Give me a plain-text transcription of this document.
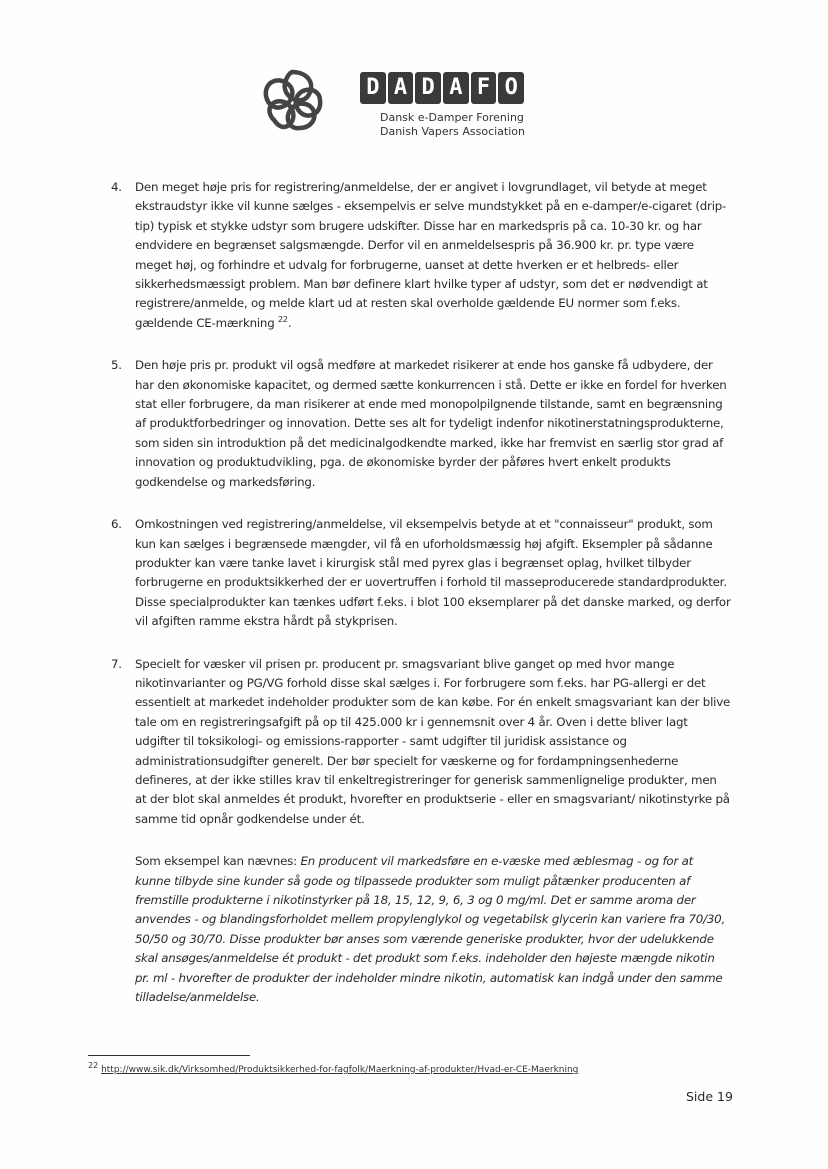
D A D A F O
Dansk e-Damper Forening
Danish Vapers Association
4. Den meget høje pris for registrering/anmeldelse, der er angivet i lovgrundlaget, vil betyde at meget ekstraudstyr ikke vil kunne sælges - eksempelvis er selve mundstykket på en e-damper/e-cigaret (drip-tip) typisk et stykke udstyr som brugere udskifter. Disse har en markedspris på ca. 10-30 kr. og har endvidere en begrænset salgsmængde. Derfor vil en anmeldelsespris på 36.900 kr. pr. type være meget høj, og forhindre et udvalg for forbrugerne, uanset at dette hverken er et helbreds- eller sikkerhedsmæssigt problem. Man bør definere klart hvilke typer af udstyr, som det er nødvendigt at registrere/anmelde, og melde klart ud at resten skal overholde gældende EU normer som f.eks. gældende CE-mærkning $^{22}$.
5. Den høje pris pr. produkt vil også medføre at markedet risikerer at ende hos ganske få udbydere, der har den økonomiske kapacitet, og dermed sætte konkurrencen i stå. Dette er ikke en fordel for hverken stat eller forbrugere, da man risikerer at ende med monopolpilgnende tilstande, samt en begrænsning af produktforbedringer og innovation. Dette ses alt for tydeligt indenfor nikotinerstatningsprodukterne, som siden sin introduktion på det medicinalgodkendte marked, ikke har fremvist en særlig stor grad af innovation og produktudvikling, pga. de økonomiske byrder der påføres hvert enkelt produkts godkendelse og markedsføring.
6. Omkostningen ved registrering/anmeldelse, vil eksempelvis betyde at et "connaisseur" produkt, som kun kan sælges i begrænsede mængder, vil få en uforholdsmæssig høj afgift. Eksempler på sådanne produkter kan være tanke lavet i kirurgisk stål med pyrex glas i begrænset oplag, hvilket tilbyder forbrugerne en produktsikkerhed der er uovertruffen i forhold til masseproducerede standardprodukter. Disse specialprodukter kan tænkes udført f.eks. i blot 100 eksemplarer på det danske marked, og derfor vil afgiften ramme ekstra hårdt på stykprisen.
7. Specielt for væsker vil prisen pr. producent pr. smagsvariant blive ganget op med hvor mange nikotinvarianter og PG/VG forhold disse skal sælges i. For forbrugere som f.eks. har PG-allergi er det essentielt at markedet indeholder produkter som de kan købe. For én enkelt smagsvariant kan der blive tale om en registreringsafgift på op til 425.000 kr i gennemsnit over 4 år. Oven i dette bliver lagt udgifter til toksikologi- og emissions-rapporter - samt udgifter til juridisk assistance og administrationsudgifter generelt. Der bør specielt for væskerne og for fordampningsenhederne defineres, at der ikke stilles krav til enkeltregistreringer for generisk sammenlignelige produkter, men at der blot skal anmeldes ét produkt, hvorefter en produktserie - eller en smagsvariant/ nikotinstyrke på samme tid opnår godkendelse under ét.
Som eksempel kan nævnes: En producent vil markedsføre en e-væske med æblesmag - og for at kunne tilbyde sine kunder så gode og tilpassede produkter som muligt påtænker producenten af fremstille produkterne i nikotinstyrker på 18, 15, 12, 9, 6, 3 og 0 mg/ml. Det er samme aroma der anvendes - og blandingsforholdet mellem propylenglykol og vegetabilsk glycerin kan variere fra 70/30, 50/50 og 30/70. Disse produkter bør anses som værende generiske produkter, hvor der udelukkende skal ansøges/anmeldelse ét produkt - det produkt som f.eks. indeholder den højeste mængde nikotin pr. ml - hvorefter de produkter der indeholder mindre nikotin, automatisk kan indgå under den samme tilladelse/anmeldelse.
$^{22}$ http://www.sik.dk/Virksomhed/Produktsikkerhed-for-fagfolk/Maerkning-af-produkter/Hvad-er-CE-Maerkning
Side 19
